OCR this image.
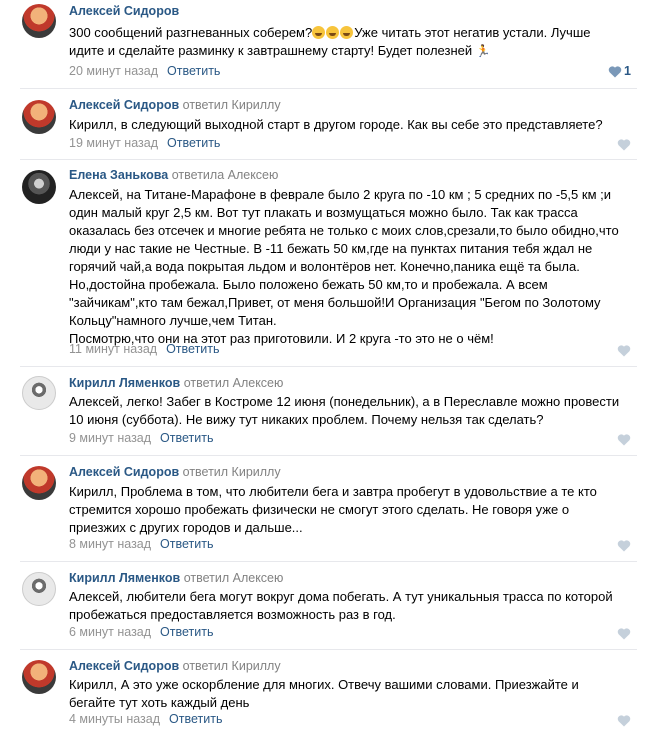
Алексей Сидоров
300 сообщений разгневанных соберем?	Уже читать этот негатив устали. Лучше
идите и сделайте разминку к завтрашнему старту! Будет полезней 🏃
20 минут назад Ответить	1
Алексей Сидоров ответил Кириллу
Кирилл, в следующий выходной старт в другом городе. Как вы себе это представляете?
19 минут назад Ответить
Елена Занькова ответила Алексею
Алексей, на Титане-Марафоне в феврале было 2 круга по -10 км ; 5 средних по -5,5 км ;и
один малый круг 2,5 км. Вот тут плакать и возмущаться можно было. Так как трасса
оказалась без отсечек и многие ребята не только с моих слов,срезали,то было обидно,что
люди у нас такие не Честные. В -11 бежать 50 км,где на пунктах питания тебя ждал не
горячий чай,а вода покрытая льдом и волонтёров нет. Конечно,паника ещё та была.
Но,достойна пробежала. Было положено бежать 50 км,то и пробежала. А всем
"зайчикам",кто там бежал,Привет, от меня большой!И Организация "Бегом по Золотому
Кольцу"намного лучше,чем Титан.
Посмотрю,что они на этот раз приготовили. И 2 круга -то это не о чём!
11 минут назад Ответить
Кирилл Ляменков ответил Алексею
Алексей, легко! Забег в Костроме 12 июня (понедельник), а в Переславле можно провести
10 июня (суббота). Не вижу тут никаких проблем. Почему нельзя так сделать?
9 минут назад Ответить
Алексей Сидоров ответил Кириллу
Кирилл, Проблема в том, что любители бега и завтра пробегут в удовольствие а те кто
стремится хорошо пробежать физически не смогут этого сделать. Не говоря уже о
приезжих с других городов и дальше...
8 минут назад Ответить
Кирилл Ляменков ответил Алексею
Алексей, любители бега могут вокруг дома побегать. А тут уникальныя трасса по которой
пробежаться предоставляется возможность раз в год.
6 минут назад Ответить
Алексей Сидоров ответил Кириллу
Кирилл, А это уже оскорбление для многих. Отвечу вашими словами. Приезжайте и
бегайте тут хоть каждый день
4 минуты назад Ответить
